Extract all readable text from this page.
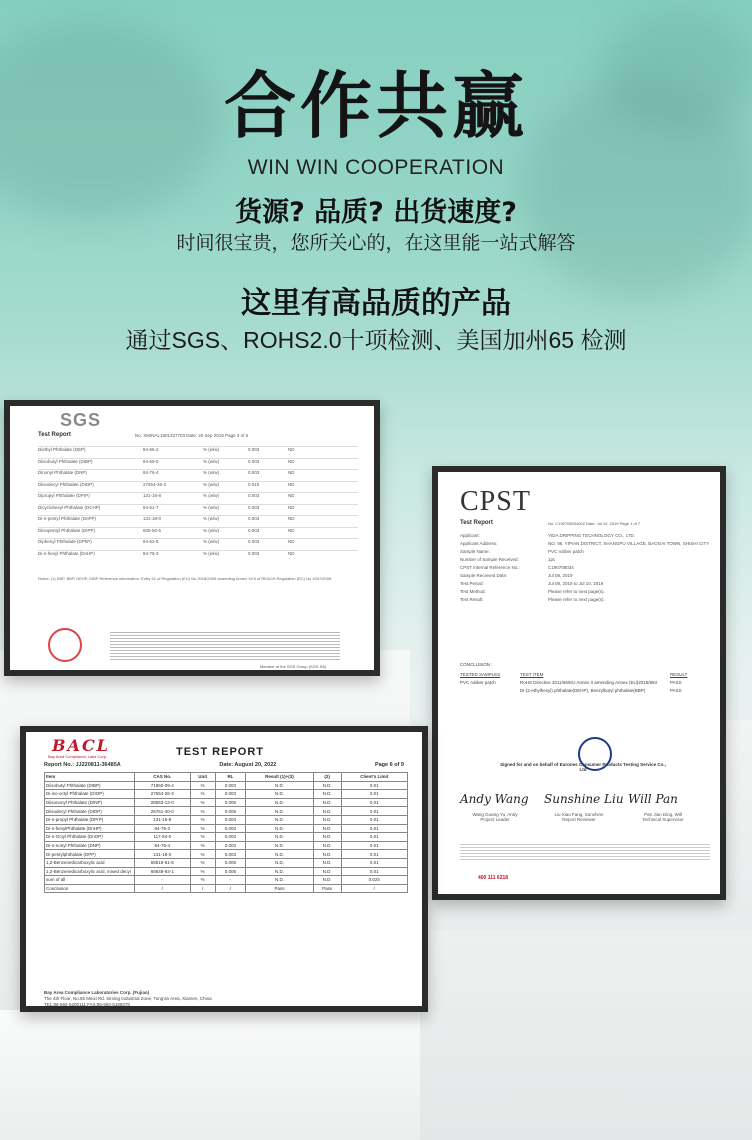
合作共赢
WIN WIN COOPERATION
货源? 品质? 出货速度?
时间很宝贵，您所关心的，在这里能一站式解答
这里有高品质的产品
通过SGS、ROHS2.0十项检测、美国加州65 检测
SGS
Test Report	No. XMINAL1901327703 Date: 20 Sep 2019 Page 3 of 6
Diethyl Phthalate (DEP)	84-66-2	% (w/w)	0.003	ND
Diisobutyl Phthalate (DIBP)	84-69-5	% (w/w)	0.003	ND
Dinonyl Phthalate (DNP)	84-76-4	% (w/w)	0.003	ND
Diisodecyl Phthalate (DIDP)	27554-26-3	% (w/w)	0.010	ND
Dipropyl Phthalate (DPrP)	131-16-8	% (w/w)	0.003	ND
Dicyclohexyl Phthalate (DCHP)	84-61-7	% (w/w)	0.003	ND
Di-n-pentyl Phthalate (DnPP)	131-18-0	% (w/w)	0.003	ND
Diisopentyl Phthalate (DIPP)	605-50-5	% (w/w)	0.003	ND
Diphenyl Phthalate (DPhP)	84-62-8	% (w/w)	0.003	ND
Di-n-hexyl Phthalate (DnHP)	84-75-3	% (w/w)	0.003	ND
Notes: (1) DBP, BBP, DEHP, DIBP Reference information: Entry 51 of Regulation (EU) No 2018/2005 amending Annex XVII of REACH Regulation (EC) No 1907/2006.
Member of the SGS Group (SGS SA)
CPST
Test Report	No. C190708034002 Date: Jul 10, 2019 Page 1 of 7
Applicant:	YIDA DRIPPING TECHNOLOGY CO., LTD.
Applicant Address:	NO. 96, YIPIAN DISTRICT, SHANGPU VILLAGE, BAOGAI TOWN, SHISHI CITY
Sample Name:	PVC rubber patch
Number of Sample Received:	1pc
CPST Internal Reference No.:	C190708034
Sample Received Date:	Jul 08, 2019
Test Period:	Jul 08, 2019 to Jul 10, 2019
Test Method:	Please refer to next page(s).
Test Result:	Please refer to next page(s).
CONCLUSION :
TESTED SAMPLES	TEST ITEM	RESULT
PVC rubber patch	RoHS Directive 2011/65/EU Annex II amending Annex (EU)2015/863	PASS
Di-(2-ethylhexyl) phthalate(DEHP), Benzylbutyl phthalate(BBP)	PASS
Signed for and on behalf of Eurones Consumer Products Testing Service Co., Ltd
Andy Wang
Wang Guang Yu, Andy
Project Leader
Sunshine Liu
Liu Xiao Fang, Sunshine
Report Reviewer
Will Pan
Pan Jian Ding, Will
Technical Supervisor
400 111 6218
BACL
Bay Area Compliance Labs Corp.	TEST REPORT
Report No.: JJ220811-36485A	Date: August 20, 2022	Page 6 of 9
Item	CAS No.	Unit	RL	Result (1)+(3)	(2)	Client's Limit
Diisobutyl Phthalate (DIBP)	71850-09-4	%	0.003	N.D.	N.D.	0.01
Di-iso-octyl Phthalate (DIOP)	27554-26-3	%	0.003	N.D.	N.D.	0.01
Diisononyl Phthalate (DINP)	28553-12-0	%	0.005	N.D.	N.D.	0.01
Diisodecyl Phthalate (DIDP)	26761-40-0	%	0.005	N.D.	N.D.	0.01
Di-n-propyl Phthalate (DPrP)	131-16-8	%	0.003	N.D.	N.D.	0.01
Di-n-hexylPhthalate (DnHP)	84-75-3	%	0.003	N.D.	N.D.	0.01
Di-n-Octyl Phthalate (DnOP)	117-84-0	%	0.003	N.D.	N.D.	0.01
Di-n-nonyl Phthalate (DNP)	84-76-4	%	0.003	N.D.	N.D.	0.01
Di-pentylphthalate (DPP)	131-18-0	%	0.003	N.D.	N.D.	0.01
1,2-Benzenedicarboxylic acid	68515-51-5	%	0.005	N.D.	N.D.	0.01
1,2-Benzenedicarboxylic acid, mixed decyl	68648-93-1	%	0.005	N.D.	N.D.	0.01
sum of all	-	%	-	N.D.	N.D.	0.025
Conclusion	/	/	/	Pass	Pass	/
Bay Area Compliance Laboratories Corp. (Fujian)
The 4th Floor, No.65 Meixi Rd. Siming Industrial Zone, Tong'an Area, Xiamen, China
TEL:86-592-5200111 FAX:86-592-5188378
